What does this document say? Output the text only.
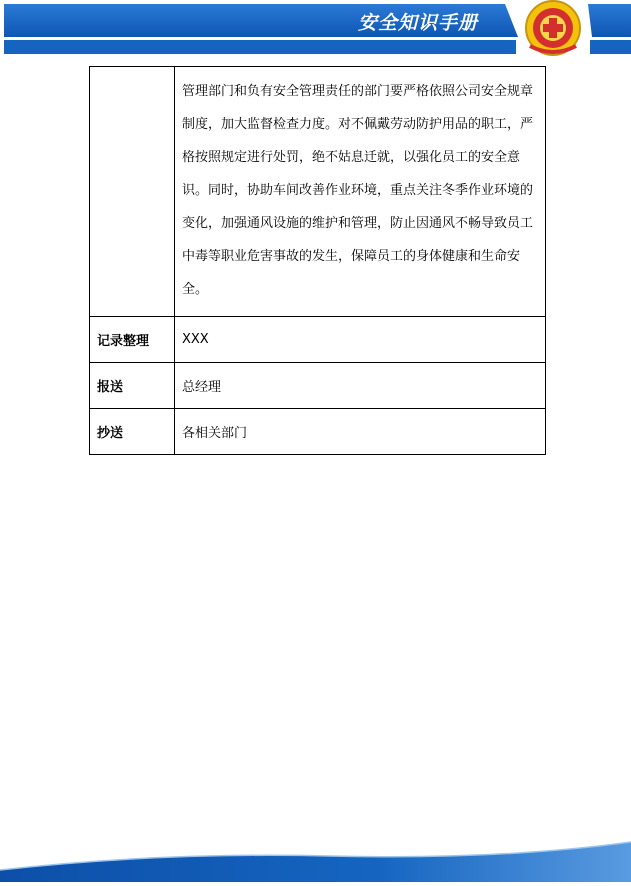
安全知识手册
	管理部门和负有安全管理责任的部门要严格依照公司安全规章制度，加大监督检查力度。对不佩戴劳动防护用品的职工，严格按照规定进行处罚，绝不姑息迁就，以强化员工的安全意识。同时，协助车间改善作业环境，重点关注冬季作业环境的变化，加强通风设施的维护和管理，防止因通风不畅导致员工中毒等职业危害事故的发生，保障员工的身体健康和生命安全。
记录整理	XXX
报送	总经理
抄送	各相关部门
